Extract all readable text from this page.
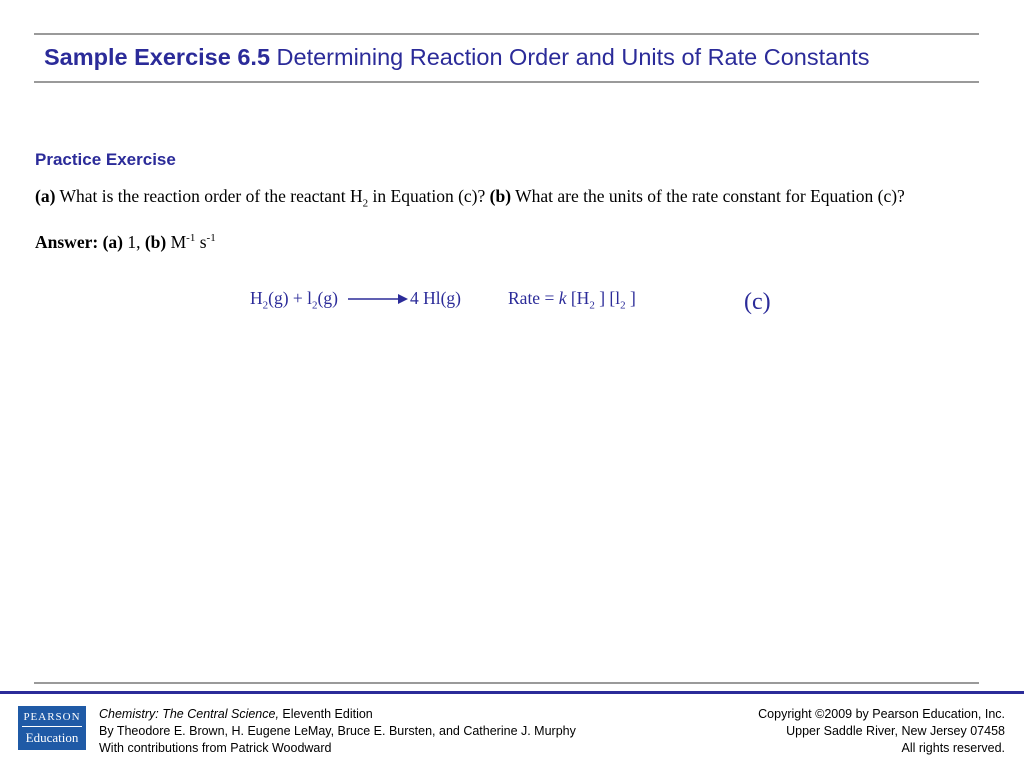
Sample Exercise 6.5 Determining Reaction Order and Units of Rate Constants
Practice Exercise
(a) What is the reaction order of the reactant $H_2$ in Equation (c)? (b) What are the units of the rate constant for Equation (c)?
Answer: (a) 1, (b) $M^{-1}$ $s^{-1}$
$H_2(g) + l_2(g) \to 4$ Hl(g)	Rate = k [$H_2$ ] [$l_2$ ]	(c)
PEARSON
Education
Chemistry: The Central Science, Eleventh Edition
By Theodore E. Brown, H. Eugene LeMay, Bruce E. Bursten, and Catherine J. Murphy
With contributions from Patrick Woodward
Copyright ©2009 by Pearson Education, Inc.
Upper Saddle River, New Jersey 07458
All rights reserved.
